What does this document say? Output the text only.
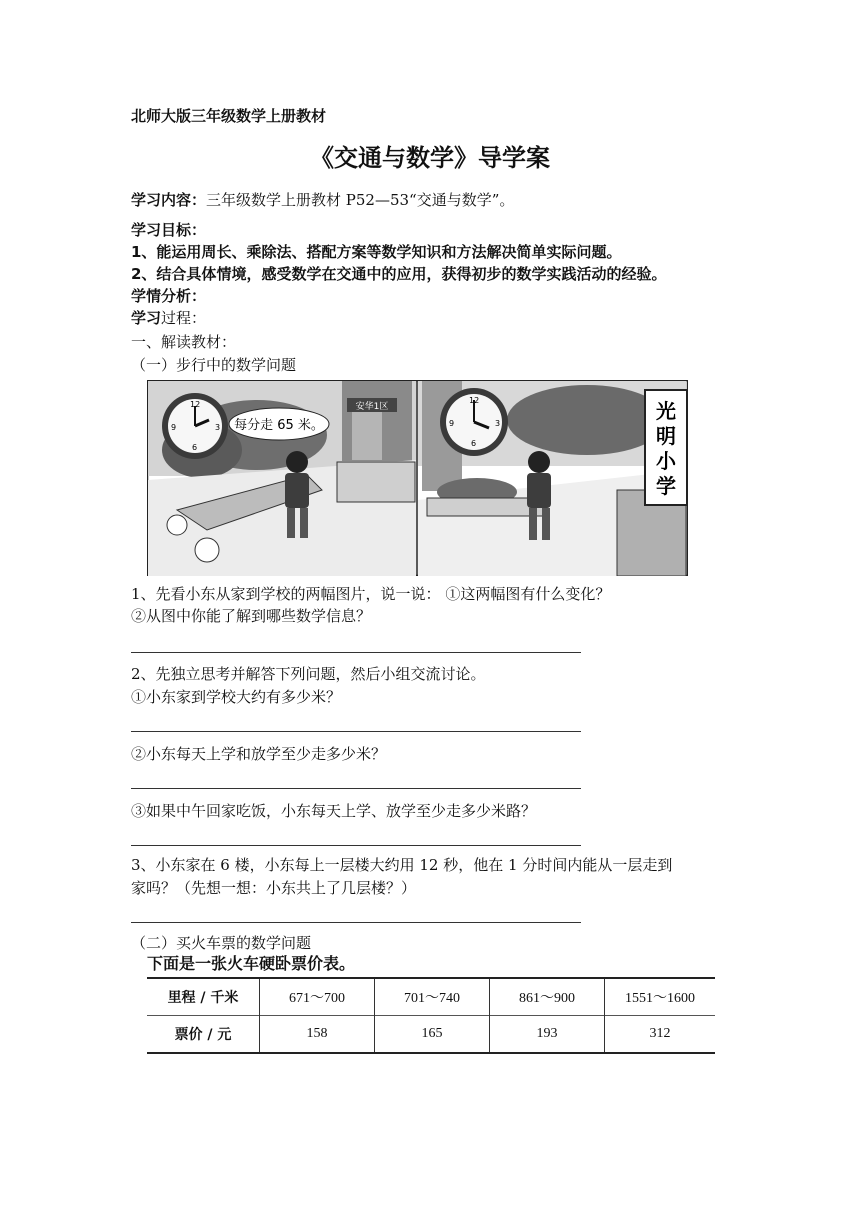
北师大版三年级数学上册教材
《交通与数学》导学案
学习内容：三年级数学上册教材 P52—53“交通与数学”。
学习目标：
1、能运用周长、乘除法、搭配方案等数学知识和方法解决简单实际问题。
2、结合具体情境，感受数学在交通中的应用，获得初步的数学实践活动的经验。
学情分析：
学习过程：
一、解读教材：
（一）步行中的数学问题
12
3
6
9	每分走 65 米。
安华1区
12
3
6
9
光
明
小
学
1、先看小东从家到学校的两幅图片，说一说： ①这两幅图有什么变化？
②从图中你能了解到哪些数学信息？
2、先独立思考并解答下列问题，然后小组交流讨论。
①小东家到学校大约有多少米？
②小东每天上学和放学至少走多少米？
③如果中午回家吃饭，小东每天上学、放学至少走多少米路？
3、小东家在 6 楼，小东每上一层楼大约用 12 秒，他在 1 分时间内能从一层走到
家吗？（先想一想：小东共上了几层楼？）
（二）买火车票的数学问题
下面是一张火车硬卧票价表。
里程 / 千米	671～700	701～740	861～900	1551～1600
票价 / 元	158	165	193	312
